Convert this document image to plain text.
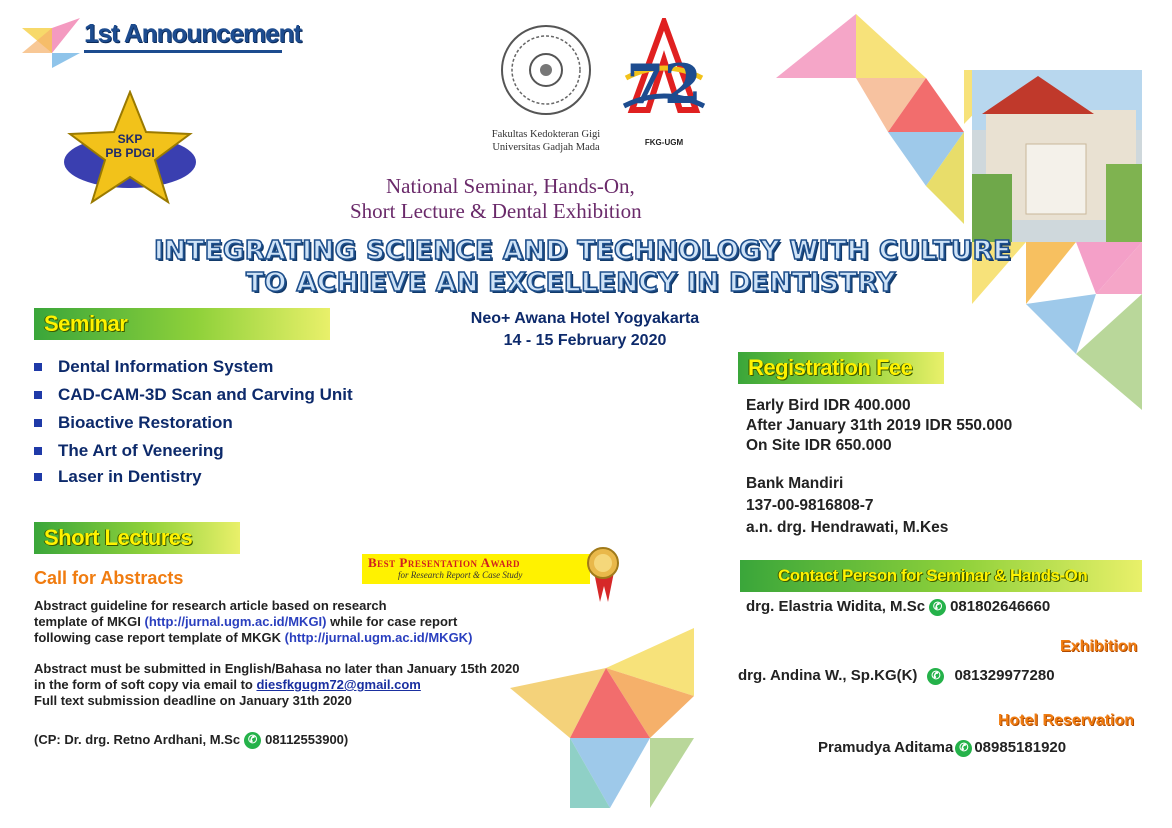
1st Announcement
SKP
PB PDGI
Fakultas Kedokteran Gigi
Universitas Gadjah Mada
72
FKG-UGM
National Seminar, Hands-On,
Short Lecture & Dental Exhibition
INTEGRATING SCIENCE AND TECHNOLOGY WITH CULTURE
TO ACHIEVE AN EXCELLENCY IN DENTISTRY
Neo+ Awana Hotel Yogyakarta
14 - 15 February 2020
Seminar
Dental Information System
CAD-CAM-3D Scan and Carving Unit
Bioactive Restoration
The Art of Veneering
Laser in Dentistry
Short Lectures
Call for Abstracts
Best Presentation Award
for Research Report & Case Study
Abstract guideline for research article based on research
template of MKGI (http://jurnal.ugm.ac.id/MKGI) while for case report
following case report template of MKGK (http://jurnal.ugm.ac.id/MKGK)
Abstract must be submitted in English/Bahasa no later than January 15th 2020
in the form of soft copy via email to diesfkgugm72@gmail.com
Full text submission deadline on January 31th 2020
(CP: Dr. drg. Retno Ardhani, M.Sc ✆ 08112553900)
Registration Fee
Early Bird IDR 400.000
After January 31th 2019 IDR 550.000
On Site IDR 650.000
Bank Mandiri
137-00-9816808-7
a.n. drg. Hendrawati, M.Kes
Contact Person for Seminar & Hands-On
drg. Elastria Widita, M.Sc ✆ 081802646660
Exhibition
drg. Andina W., Sp.KG(K) ✆ 081329977280
Hotel Reservation
Pramudya Aditama ✆ 08985181920
